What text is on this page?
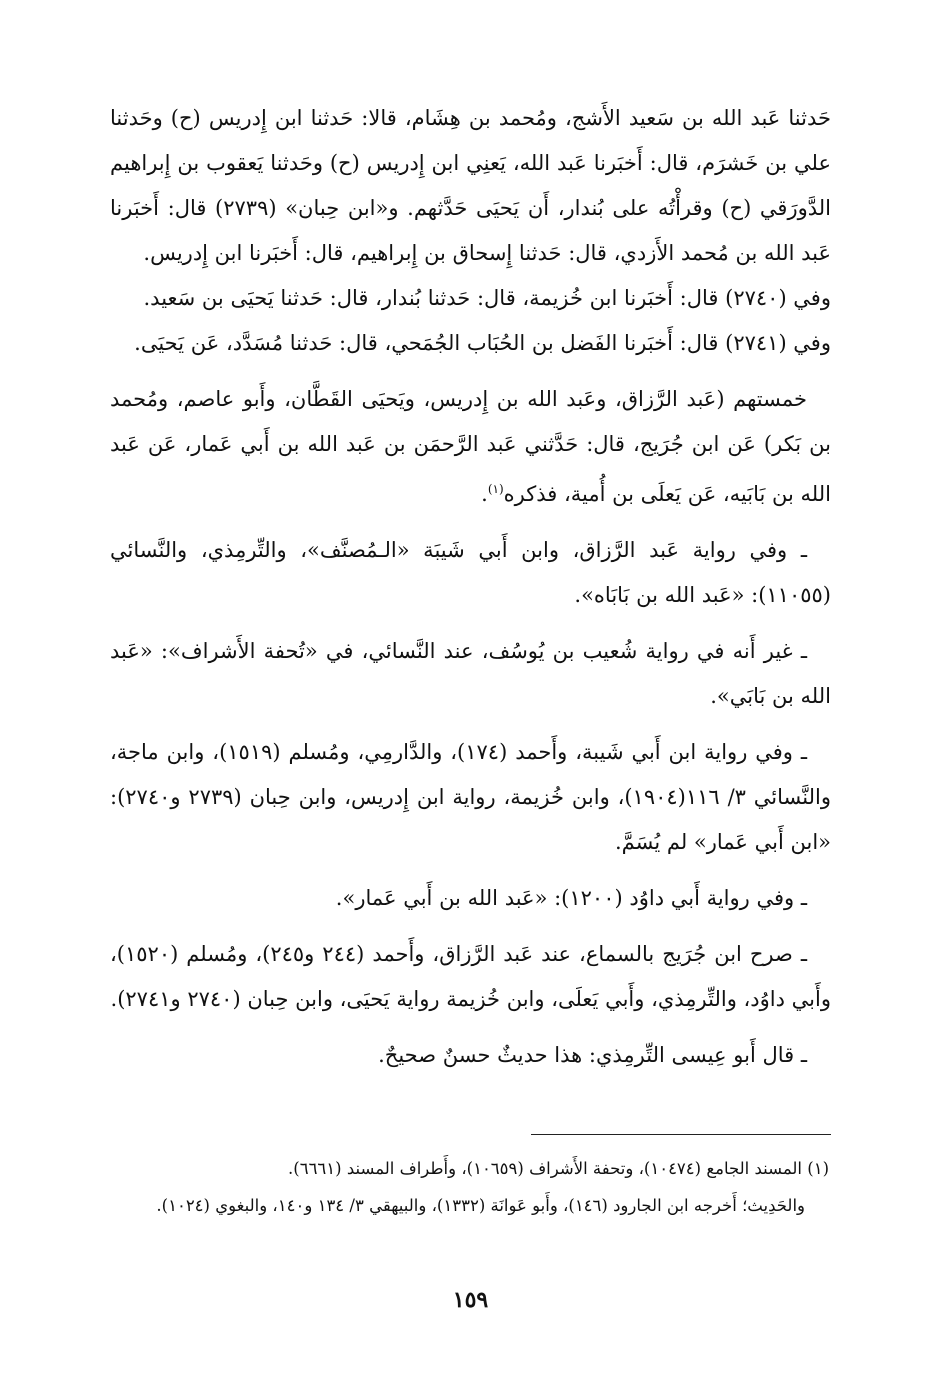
حَدثنا عَبد الله بن سَعيد الأَشج، ومُحمد بن هِشَام، قالا: حَدثنا ابن إِدريس (ح) وحَدثنا علي بن خَشرَم، قال: أَخبَرنا عَبد الله، يَعنِي ابن إِدريس (ح) وحَدثنا يَعقوب بن إِبراهيم الدَّورَقي (ح) وقرأْتُه على بُندار، أَن يَحيَى حَدَّثهم. و«ابن حِبان» (٢٧٣٩) قال: أَخبَرنا عَبد الله بن مُحمد الأَزدي، قال: حَدثنا إِسحاق بن إِبراهيم، قال: أَخبَرنا ابن إِدريس.

وفي (٢٧٤٠) قال: أَخبَرنا ابن خُزيمة، قال: حَدثنا بُندار، قال: حَدثنا يَحيَى بن سَعيد.

وفي (٢٧٤١) قال: أَخبَرنا الفَضل بن الحُبَاب الجُمَحي، قال: حَدثنا مُسَدَّد، عَن يَحيَى.

خمستهم (عَبد الرَّزاق، وعَبد الله بن إِدريس، ويَحيَى القَطَّان، وأَبو عاصم، ومُحمد بن بَكر) عَن ابن جُرَيج، قال: حَدَّثني عَبد الرَّحمَن بن عَبد الله بن أَبي عَمار، عَن عَبد الله بن بَابَيه، عَن يَعلَى بن أُمية، فذكره$^{(١)}$.

ـ وفي رواية عَبد الرَّزاق، وابن أَبي شَيبَة «الـمُصنَّف»، والتِّرمِذي، والنَّسائي (١١٠٥٥): «عَبد الله بن بَابَاه».

ـ غير أَنه في رواية شُعيب بن يُوسُف، عند النَّسائي، في «تُحفة الأَشراف»: «عَبد الله بن بَابَي».

ـ وفي رواية ابن أَبي شَيبة، وأَحمد (١٧٤)، والدَّارمِي، ومُسلم (١٥١٩)، وابن ماجة، والنَّسائي ٣/ ١١٦(١٩٠٤)، وابن خُزيمة، رواية ابن إِدريس، وابن حِبان (٢٧٣٩ و٢٧٤٠): «ابن أَبي عَمار» لم يُسَمَّ.

ـ وفي رواية أَبي داوُد (١٢٠٠): «عَبد الله بن أَبي عَمار».

ـ صرح ابن جُرَيج بالسماع، عند عَبد الرَّزاق، وأَحمد (٢٤٤ و٢٤٥)، ومُسلم (١٥٢٠)، وأَبي داوُد، والتِّرمِذي، وأَبي يَعلَى، وابن خُزيمة رواية يَحيَى، وابن حِبان (٢٧٤٠ و٢٧٤١).

ـ قال أَبو عِيسى التِّرمِذي: هذا حديثٌ حسنٌ صحيحٌ.

(١) المسند الجامع (١٠٤٧٤)، وتحفة الأَشراف (١٠٦٥٩)، وأَطراف المسند (٦٦٦١).

والحَدِيث؛ أَخرجه ابن الجارود (١٤٦)، وأَبو عَوانَة (١٣٣٢)، والبيهقي ٣/ ١٣٤ و١٤٠، والبغوي (١٠٢٤).

١٥٩
